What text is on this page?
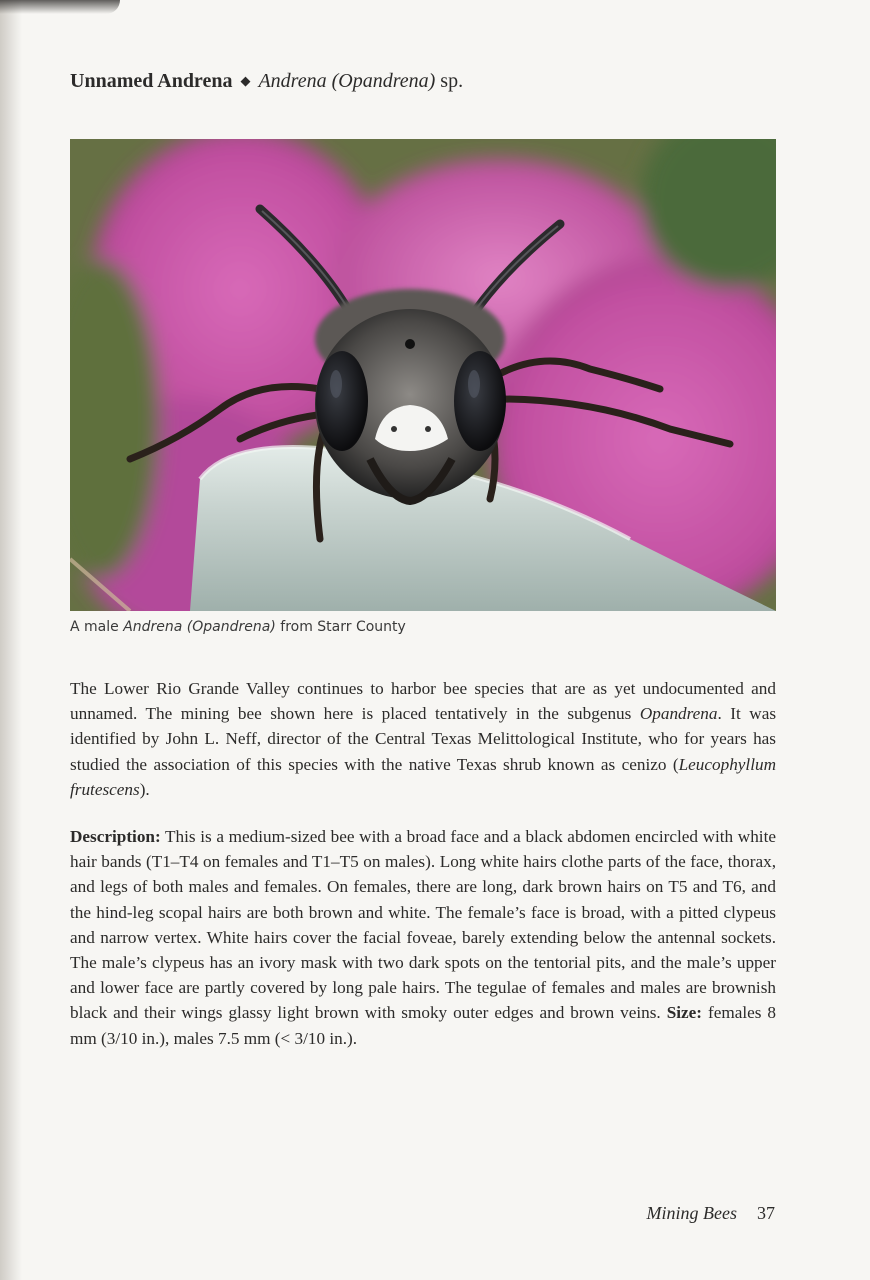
Unnamed Andrena ◆ Andrena (Opandrena) sp.
A male Andrena (Opandrena) from Starr County

The Lower Rio Grande Valley continues to harbor bee species that are as yet undocumented and unnamed. The mining bee shown here is placed tentatively in the subgenus Opandrena. It was identified by John L. Neff, director of the Central Texas Melittological Institute, who for years has studied the association of this species with the native Texas shrub known as cenizo (Leucophyllum frutescens).

Description: This is a medium-sized bee with a broad face and a black abdomen encircled with white hair bands (T1–T4 on females and T1–T5 on males). Long white hairs clothe parts of the face, thorax, and legs of both males and females. On females, there are long, dark brown hairs on T5 and T6, and the hind-leg scopal hairs are both brown and white. The female’s face is broad, with a pitted clypeus and narrow vertex. White hairs cover the facial foveae, barely extending below the antennal sockets. The male’s clypeus has an ivory mask with two dark spots on the tentorial pits, and the male’s upper and lower face are partly covered by long pale hairs. The tegulae of females and males are brownish black and their wings glassy light brown with smoky outer edges and brown veins. Size: females 8 mm (3/10 in.), males 7.5 mm (< 3/10 in.).

Mining Bees 37
